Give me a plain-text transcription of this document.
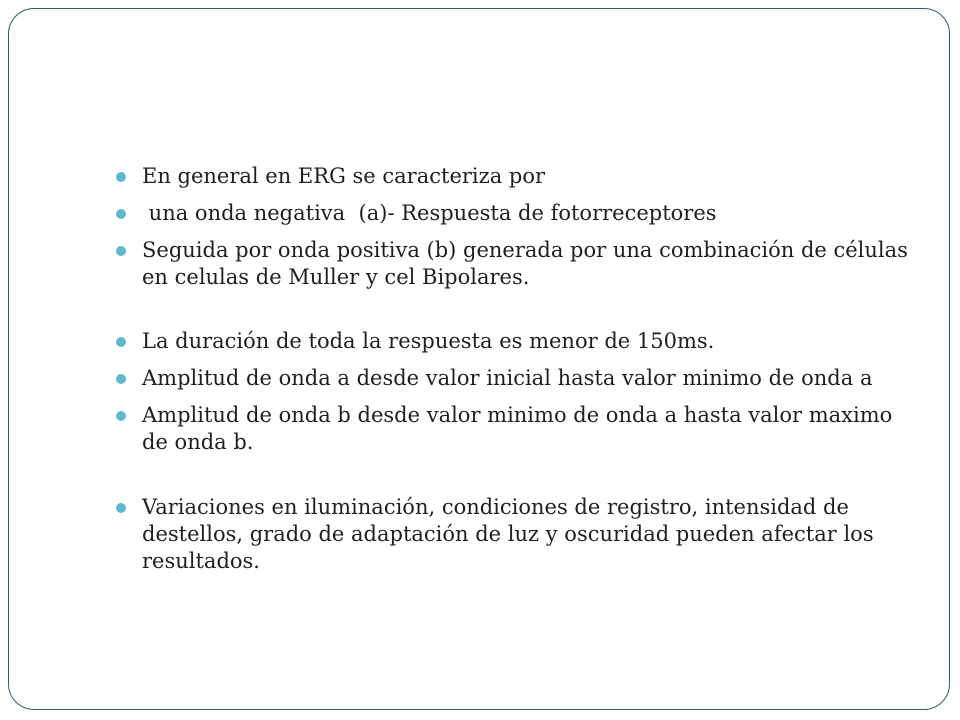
En general en ERG se caracteriza por
una onda negativa  (a)- Respuesta de fotorreceptores
Seguida por onda positiva (b) generada por una combinación de células en celulas de Muller y cel Bipolares.
La duración de toda la respuesta es menor de 150ms.
Amplitud de onda a desde valor inicial hasta valor minimo de onda a
Amplitud de onda b desde valor minimo de onda a hasta valor maximo de onda b.
Variaciones en iluminación, condiciones de registro, intensidad de destellos, grado de adaptación de luz y oscuridad pueden afectar los resultados.
